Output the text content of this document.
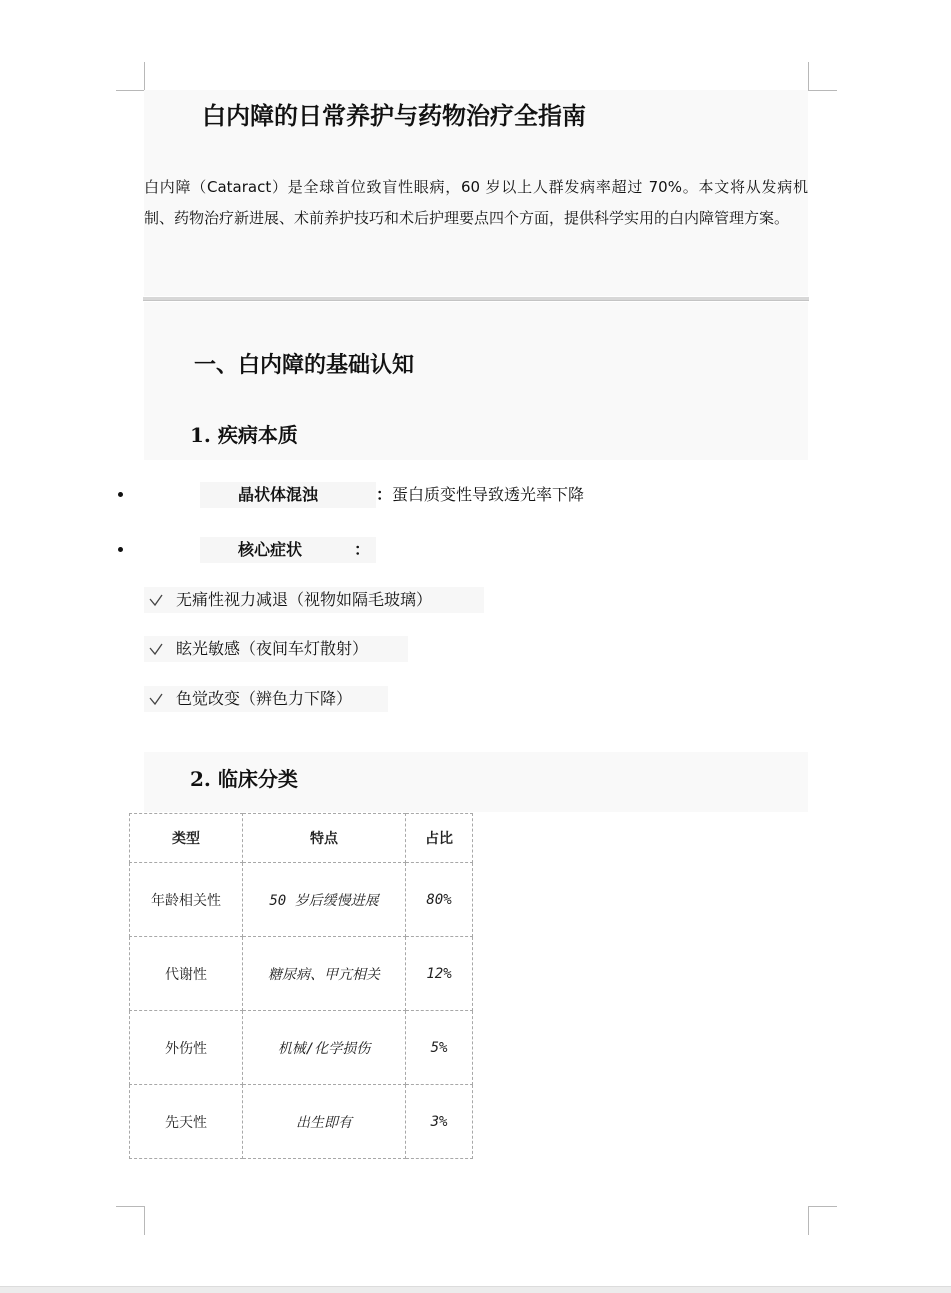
白内障的日常养护与药物治疗全指南

白内障（Cataract）是全球首位致盲性眼病，60 岁以上人群发病率超过 70%。本文将从发病机制、药物治疗新进展、术前养护技巧和术后护理要点四个方面，提供科学实用的白内障管理方案。

一、白内障的基础认知
1. 疾病本质
晶状体混浊	： 蛋白质变性导致透光率下降
核心症状	：
无痛性视力减退（视物如隔毛玻璃）
眩光敏感（夜间车灯散射）
色觉改变（辨色力下降）
2. 临床分类
类型	特点	占比
年龄相关性	50 岁后缓慢进展	80%
代谢性	糖尿病、甲亢相关	12%
外伤性	机械/化学损伤	5%
先天性	出生即有	3%
